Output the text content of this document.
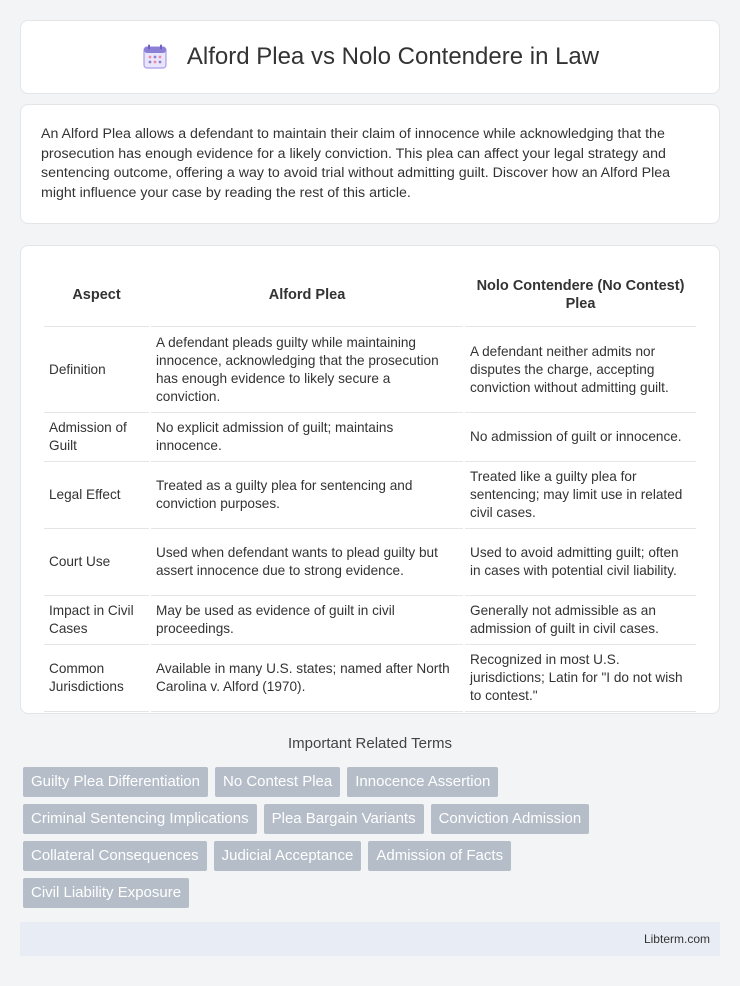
Alford Plea vs Nolo Contendere in Law

An Alford Plea allows a defendant to maintain their claim of innocence while acknowledging that the prosecution has enough evidence for a likely conviction. This plea can affect your legal strategy and sentencing outcome, offering a way to avoid trial without admitting guilt. Discover how an Alford Plea might influence your case by reading the rest of this article.

Aspect	Alford Plea	Nolo Contendere (No Contest) Plea
Definition	A defendant pleads guilty while maintaining innocence, acknowledging that the prosecution has enough evidence to likely secure a conviction.	A defendant neither admits nor disputes the charge, accepting conviction without admitting guilt.
Admission of Guilt	No explicit admission of guilt; maintains innocence.	No admission of guilt or innocence.
Legal Effect	Treated as a guilty plea for sentencing and conviction purposes.	Treated like a guilty plea for sentencing; may limit use in related civil cases.
Court Use	Used when defendant wants to plead guilty but assert innocence due to strong evidence.	Used to avoid admitting guilt; often in cases with potential civil liability.
Impact in Civil Cases	May be used as evidence of guilt in civil proceedings.	Generally not admissible as an admission of guilt in civil cases.
Common Jurisdictions	Available in many U.S. states; named after North Carolina v. Alford (1970).	Recognized in most U.S. jurisdictions; Latin for "I do not wish to contest."
Important Related Terms
Guilty Plea Differentiation	No Contest Plea	Innocence Assertion
Criminal Sentencing Implications	Plea Bargain Variants	Conviction Admission
Collateral Consequences	Judicial Acceptance	Admission of Facts
Civil Liability Exposure
Libterm.com
